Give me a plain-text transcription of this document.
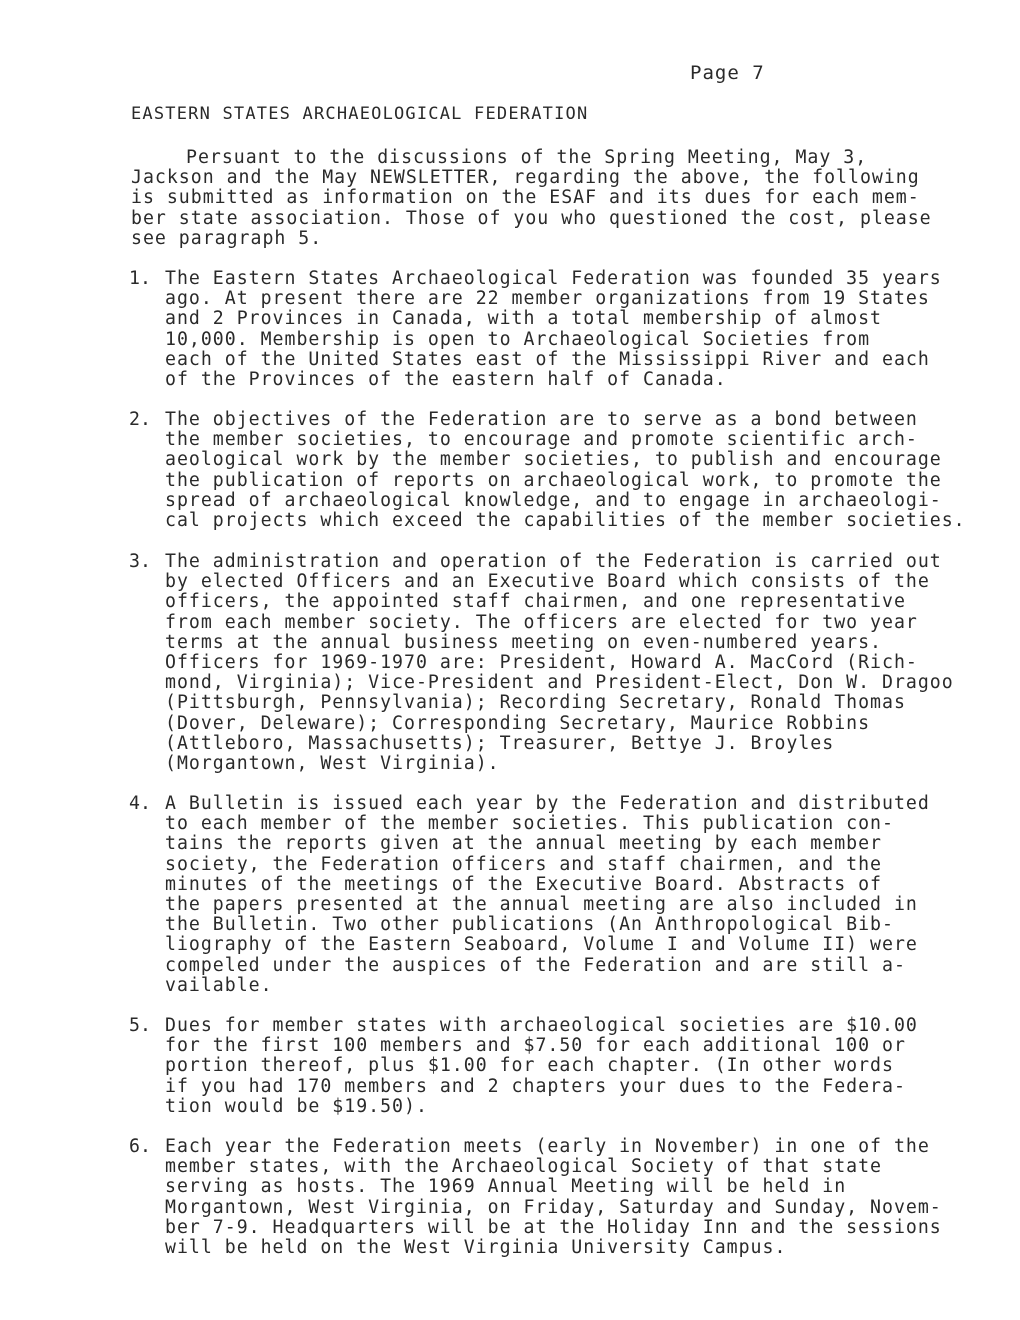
Page 7
EASTERN STATES ARCHAEOLOGICAL FEDERATION
Persuant to the discussions of the Spring Meeting, May 3,
Jackson and the May NEWSLETTER, regarding the above, the following
is submitted as information on the ESAF and its dues for each mem-
ber state association. Those of you who questioned the cost, please
see paragraph 5.
1. The Eastern States Archaeological Federation was founded 35 years
ago. At present there are 22 member organizations from 19 States
and 2 Provinces in Canada, with a total membership of almost
10,000. Membership is open to Archaeological Societies from
each of the United States east of the Mississippi River and each
of the Provinces of the eastern half of Canada.
2. The objectives of the Federation are to serve as a bond between
the member societies, to encourage and promote scientific arch-
aeological work by the member societies, to publish and encourage
the publication of reports on archaeological work, to promote the
spread of archaeological knowledge, and to engage in archaeologi-
cal projects which exceed the capabilities of the member societies.
3. The administration and operation of the Federation is carried out
by elected Officers and an Executive Board which consists of the
officers, the appointed staff chairmen, and one representative
from each member society. The officers are elected for two year
terms at the annual business meeting on even-numbered years.
Officers for 1969-1970 are: President, Howard A. MacCord (Rich-
mond, Virginia); Vice-President and President-Elect, Don W. Dragoo
(Pittsburgh, Pennsylvania); Recording Secretary, Ronald Thomas
(Dover, Deleware); Corresponding Secretary, Maurice Robbins
(Attleboro, Massachusetts); Treasurer, Bettye J. Broyles
(Morgantown, West Virginia).
4. A Bulletin is issued each year by the Federation and distributed
to each member of the member societies. This publication con-
tains the reports given at the annual meeting by each member
society, the Federation officers and staff chairmen, and the
minutes of the meetings of the Executive Board. Abstracts of
the papers presented at the annual meeting are also included in
the Bulletin. Two other publications (An Anthropological Bib-
liography of the Eastern Seaboard, Volume I and Volume II) were
compeled under the auspices of the Federation and are still a-
vailable.
5. Dues for member states with archaeological societies are $10.00
for the first 100 members and $7.50 for each additional 100 or
portion thereof, plus $1.00 for each chapter. (In other words
if you had 170 members and 2 chapters your dues to the Federa-
tion would be $19.50).
6. Each year the Federation meets (early in November) in one of the
member states, with the Archaeological Society of that state
serving as hosts. The 1969 Annual Meeting will be held in
Morgantown, West Virginia, on Friday, Saturday and Sunday, Novem-
ber 7-9. Headquarters will be at the Holiday Inn and the sessions
will be held on the West Virginia University Campus.
